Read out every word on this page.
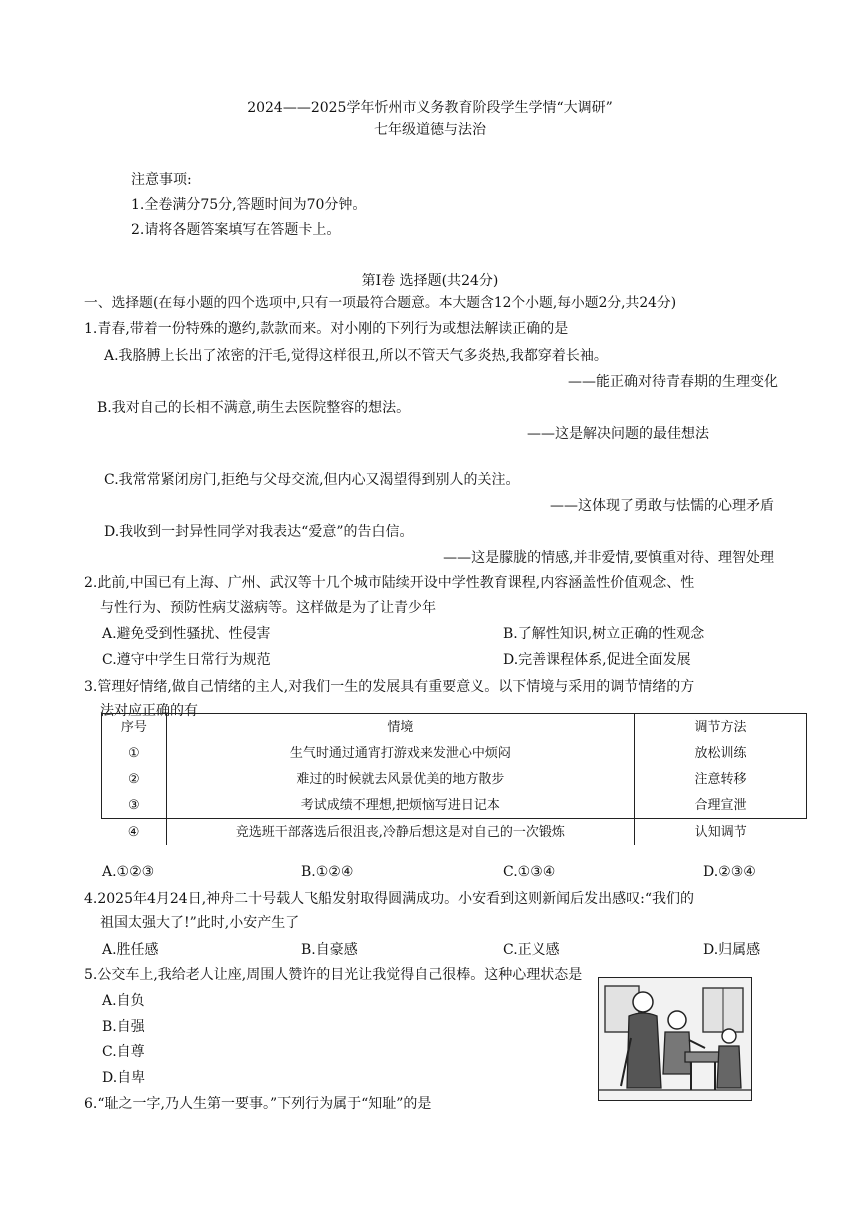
2024——2025学年忻州市义务教育阶段学生学情“大调研”
七年级道德与法治
注意事项:
1.全卷满分75分,答题时间为70分钟。
2.请将各题答案填写在答题卡上。
第Ⅰ卷 选择题(共24分)
一、选择题(在每小题的四个选项中,只有一项最符合题意。本大题含12个小题,每小题2分,共24分)
1.青春,带着一份特殊的邀约,款款而来。对小刚的下列行为或想法解读正确的是
A.我胳膊上长出了浓密的汗毛,觉得这样很丑,所以不管天气多炎热,我都穿着长袖。
——能正确对待青春期的生理变化
B.我对自己的长相不满意,萌生去医院整容的想法。
——这是解决问题的最佳想法
C.我常常紧闭房门,拒绝与父母交流,但内心又渴望得到别人的关注。
——这体现了勇敢与怯懦的心理矛盾
D.我收到一封异性同学对我表达“爱意”的告白信。
——这是朦胧的情感,并非爱情,要慎重对待、理智处理
2.此前,中国已有上海、广州、武汉等十几个城市陆续开设中学性教育课程,内容涵盖性价值观念、性
与性行为、预防性病艾滋病等。这样做是为了让青少年
A.避免受到性骚扰、性侵害	B.了解性知识,树立正确的性观念
C.遵守中学生日常行为规范	D.完善课程体系,促进全面发展
3.管理好情绪,做自己情绪的主人,对我们一生的发展具有重要意义。以下情境与采用的调节情绪的方
法对应正确的有
序号	情境	调节方法
①	生气时通过通宵打游戏来发泄心中烦闷	放松训练
②	难过的时候就去风景优美的地方散步	注意转移
③	考试成绩不理想,把烦恼写进日记本	合理宣泄
④	竞选班干部落选后很沮丧,冷静后想这是对自己的一次锻炼	认知调节
A.①②③	B.①②④	C.①③④	D.②③④
4.2025年4月24日,神舟二十号载人飞船发射取得圆满成功。小安看到这则新闻后发出感叹:“我们的
祖国太强大了!”此时,小安产生了
A.胜任感	B.自豪感	C.正义感	D.归属感
5.公交车上,我给老人让座,周围人赞许的目光让我觉得自己很棒。这种心理状态是
A.自负
B.自强
C.自尊
D.自卑
6.“耻之一字,乃人生第一要事。”下列行为属于“知耻”的是
